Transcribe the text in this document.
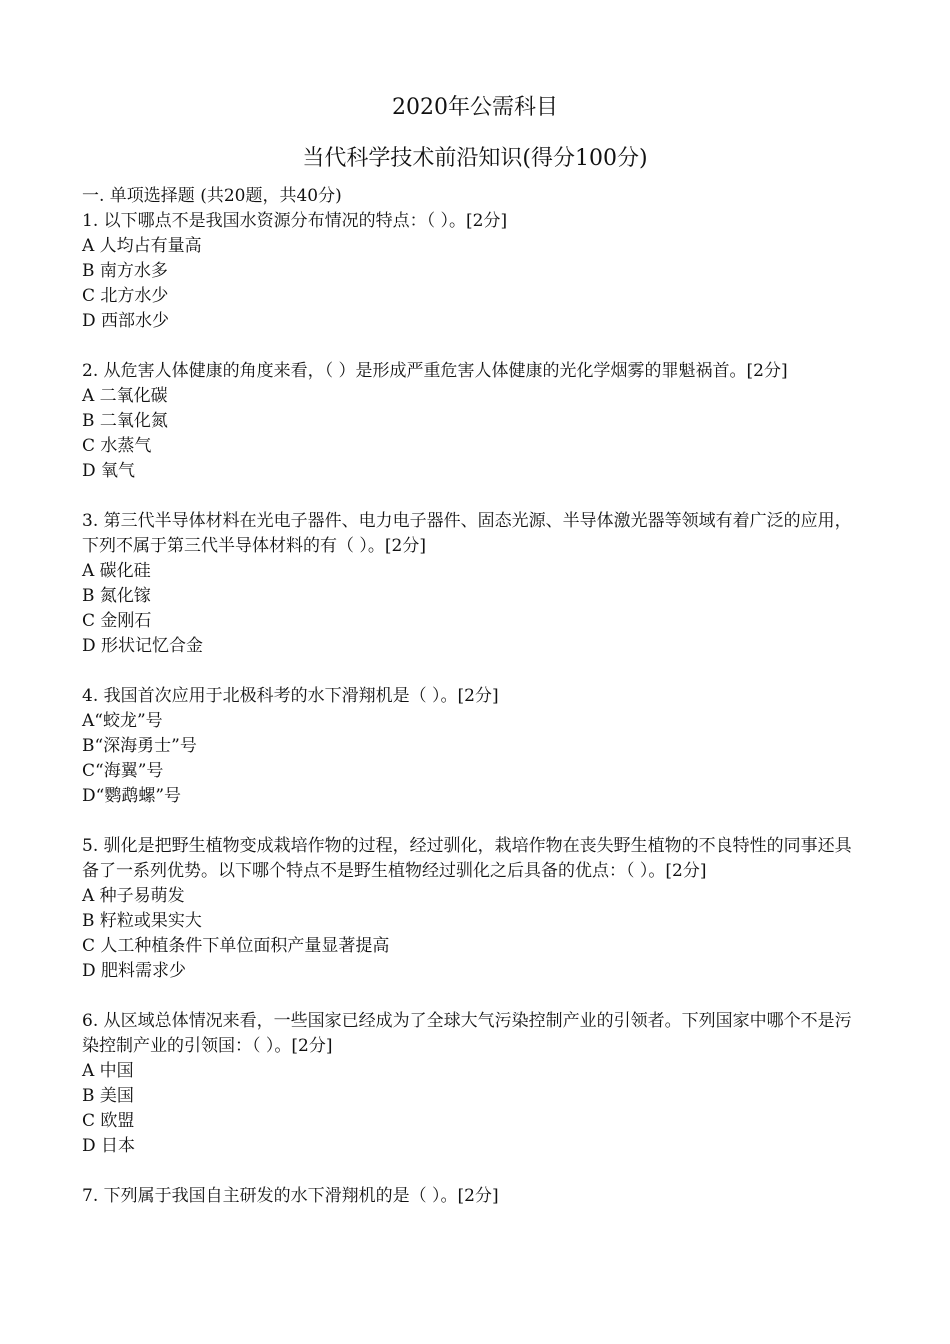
2020年公需科目
当代科学技术前沿知识(得分100分)
一. 单项选择题 (共20题，共40分)
1. 以下哪点不是我国水资源分布情况的特点：（ ）。[2分]
A 人均占有量高
B 南方水多
C 北方水少
D 西部水少
2. 从危害人体健康的角度来看，（ ）是形成严重危害人体健康的光化学烟雾的罪魁祸首。[2分]
A 二氧化碳
B 二氧化氮
C 水蒸气
D 氧气
3. 第三代半导体材料在光电子器件、电力电子器件、固态光源、半导体激光器等领域有着广泛的应用，下列不属于第三代半导体材料的有（ ）。[2分]
A 碳化硅
B 氮化镓
C 金刚石
D 形状记忆合金
4. 我国首次应用于北极科考的水下滑翔机是（ ）。[2分]
A“蛟龙”号
B“深海勇士”号
C“海翼”号
D“鹦鹉螺”号
5. 驯化是把野生植物变成栽培作物的过程，经过驯化，栽培作物在丧失野生植物的不良特性的同事还具备了一系列优势。以下哪个特点不是野生植物经过驯化之后具备的优点：（ ）。[2分]
A 种子易萌发
B 籽粒或果实大
C 人工种植条件下单位面积产量显著提高
D 肥料需求少
6. 从区域总体情况来看，一些国家已经成为了全球大气污染控制产业的引领者。下列国家中哪个不是污染控制产业的引领国：（ ）。[2分]
A 中国
B 美国
C 欧盟
D 日本
7. 下列属于我国自主研发的水下滑翔机的是（ ）。[2分]
